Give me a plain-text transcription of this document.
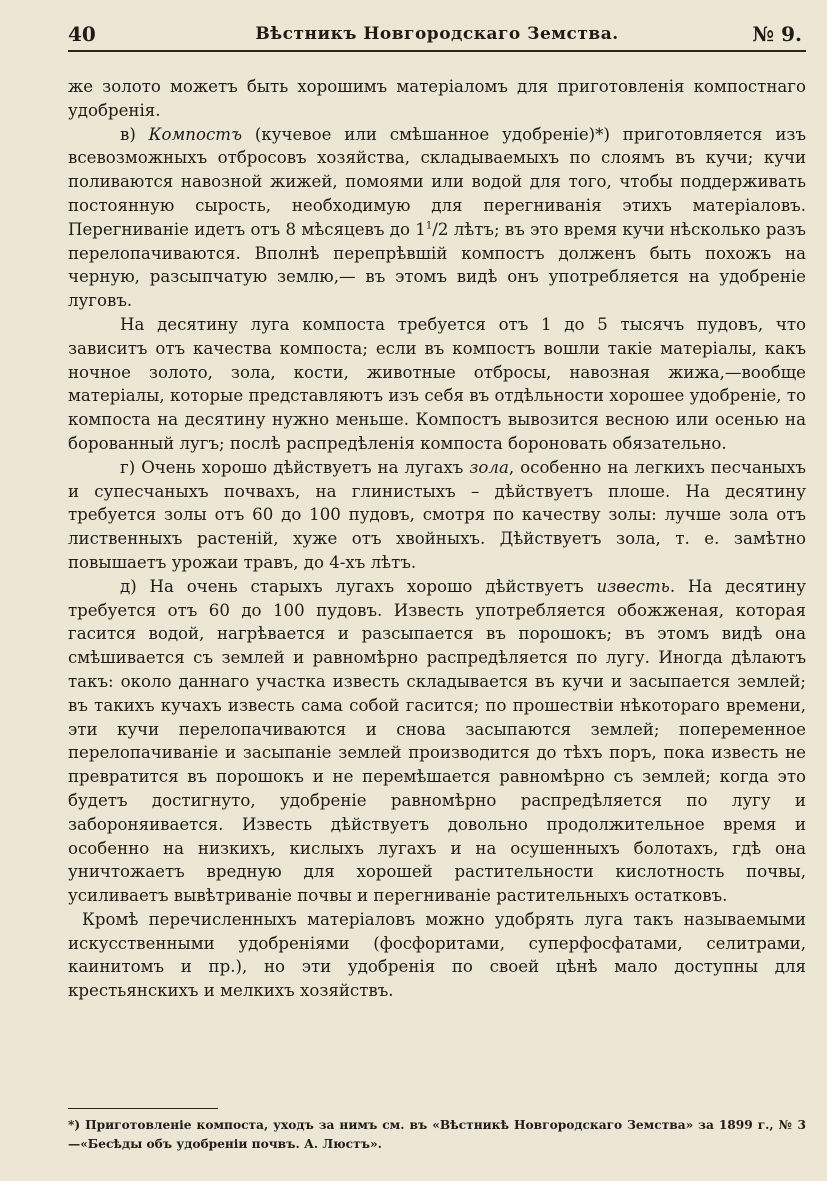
40	Вѣстникъ Новгородскаго Земства.	№ 9.

же золото можетъ быть хорошимъ матеріаломъ для приготовленія компостнаго удобренія.

в) Компостъ (кучевое или смѣшанное удобреніе)*) приготовляется изъ всевозможныхъ отбросовъ хозяйства, складываемыхъ по слоямъ въ кучи; кучи поливаются навозной жижей, помоями или водой для того, чтобы поддерживать постоянную сырость, необходимую для перегниванія этихъ матеріаловъ. Перегниваніе идетъ отъ 8 мѣсяцевъ до $1^1/2$ лѣтъ; въ это время кучи нѣсколько разъ перелопачиваются. Вполнѣ перепрѣвшій компостъ долженъ быть похожъ на черную, разсыпчатую землю,— въ этомъ видѣ онъ употребляется на удобреніе луговъ.

На десятину луга компоста требуется отъ 1 до 5 тысячъ пудовъ, что зависитъ отъ качества компоста; если въ компостъ вошли такіе матеріалы, какъ ночное золото, зола, кости, животные отбросы, навозная жижа,—вообще матеріалы, которые представляютъ изъ себя въ отдѣльности хорошее удобреніе, то компоста на десятину нужно меньше. Компостъ вывозится весною или осенью на борованный лугъ; послѣ распредѣленія компоста бороновать обязательно.

г) Очень хорошо дѣйствуетъ на лугахъ зола, особенно на легкихъ песчаныхъ и супесчаныхъ почвахъ, на глинистыхъ – дѣйствуетъ плоше. На десятину требуется золы отъ 60 до 100 пудовъ, смотря по качеству золы: лучше зола отъ лиственныхъ растеній, хуже отъ хвойныхъ. Дѣйствуетъ зола, т. е. замѣтно повышаетъ урожаи травъ, до 4-хъ лѣтъ.

д) На очень старыхъ лугахъ хорошо дѣйствуетъ известь. На десятину требуется отъ 60 до 100 пудовъ. Известь употребляется обожженая, которая гасится водой, нагрѣвается и разсыпается въ порошокъ; въ этомъ видѣ она смѣшивается съ землей и равномѣрно распредѣляется по лугу. Иногда дѣлаютъ такъ: около даннаго участка известь складывается въ кучи и засыпается землей; въ такихъ кучахъ известь сама собой гасится; по прошествіи нѣкотораго времени, эти кучи перелопачиваются и снова засыпаются землей; попеременное перелопачиваніе и засыпаніе землей производится до тѣхъ поръ, пока известь не превратится въ порошокъ и не перемѣшается равномѣрно съ землей; когда это будетъ достигнуто, удобреніе равномѣрно распредѣляется по лугу и забороняивается. Известь дѣйствуетъ довольно продолжительное время и особенно на низкихъ, кислыхъ лугахъ и на осушенныхъ болотахъ, гдѣ она уничтожаетъ вредную для хорошей растительности кислотность почвы, усиливаетъ вывѣтриваніе почвы и перегниваніе растительныхъ остатковъ.

Кромѣ перечисленныхъ матеріаловъ можно удобрять луга такъ называемыми искусственными удобреніями (фосфоритами, суперфосфатами, селитрами, каинитомъ и пр.), но эти удобренія по своей цѣнѣ мало доступны для крестьянскихъ и мелкихъ хозяйствъ.

*) Приготовленіе компоста, уходъ за нимъ см. въ «Вѣстникѣ Новгородскаго Земства» за 1899 г., № 3—«Бесѣды объ удобреніи почвъ. А. Люстъ».
